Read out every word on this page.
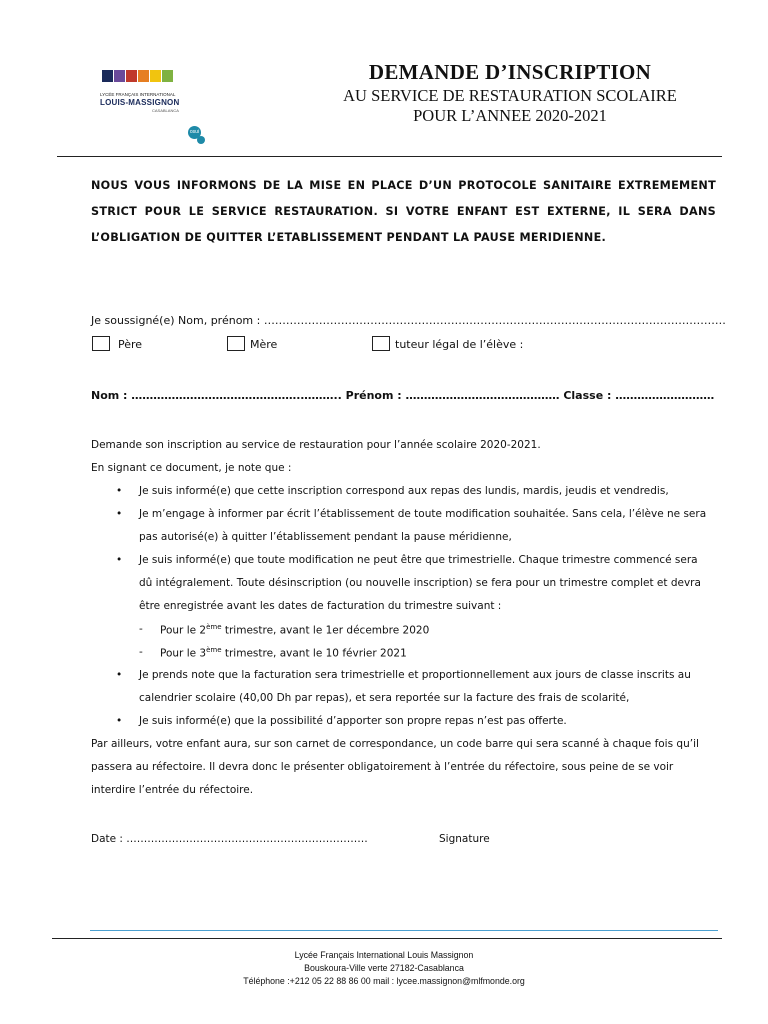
LYCÉE FRANÇAIS INTERNATIONAL
LOUIS-MASSIGNON
CASABLANCA
osui
DEMANDE D’INSCRIPTION
AU SERVICE DE RESTAURATION SCOLAIRE
POUR L’ANNEE 2020-2021
NOUS VOUS INFORMONS DE LA MISE EN PLACE D’UN PROTOCOLE SANITAIRE EXTREMEMENT STRICT POUR LE SERVICE RESTAURATION. SI VOTRE ENFANT EST EXTERNE, IL SERA DANS L’OBLIGATION DE QUITTER L’ETABLISSEMENT PENDANT LA PAUSE MERIDIENNE.
Je soussigné(e) Nom, prénom : ………………………………………………………………………………………………………………
Père	Mère	tuteur légal de l’élève :
Nom : ……………………………………….……….. Prénom : …………………………………… Classe : ………………………
Demande son inscription au service de restauration pour l’année scolaire 2020-2021.
En signant ce document, je note que :
• Je suis informé(e) que cette inscription correspond aux repas des lundis, mardis, jeudis et vendredis,
• Je m’engage à informer par écrit l’établissement de toute modification souhaitée. Sans cela, l’élève ne sera
pas autorisé(e) à quitter l’établissement pendant la pause méridienne,
• Je suis informé(e) que toute modification ne peut être que trimestrielle. Chaque trimestre commencé sera
dû intégralement. Toute désinscription (ou nouvelle inscription) se fera pour un trimestre complet et devra
être enregistrée avant les dates de facturation du trimestre suivant :
- Pour le 2ème trimestre, avant le 1er décembre 2020
- Pour le 3ème trimestre, avant le 10 février 2021
• Je prends note que la facturation sera trimestrielle et proportionnellement aux jours de classe inscrits au
calendrier scolaire (40,00 Dh par repas), et sera reportée sur la facture des frais de scolarité,
• Je suis informé(e) que la possibilité d’apporter son propre repas n’est pas offerte.
Par ailleurs, votre enfant aura, sur son carnet de correspondance, un code barre qui sera scanné à chaque fois qu’il
passera au réfectoire. Il devra donc le présenter obligatoirement à l’entrée du réfectoire, sous peine de se voir
interdire l’entrée du réfectoire.
Date : ……………………………………………………………	Signature
Lycée Français International Louis Massignon
Bouskoura-Ville verte 27182-Casablanca
Téléphone :+212 05 22 88 86 00 mail : lycee.massignon@mlfmonde.org
